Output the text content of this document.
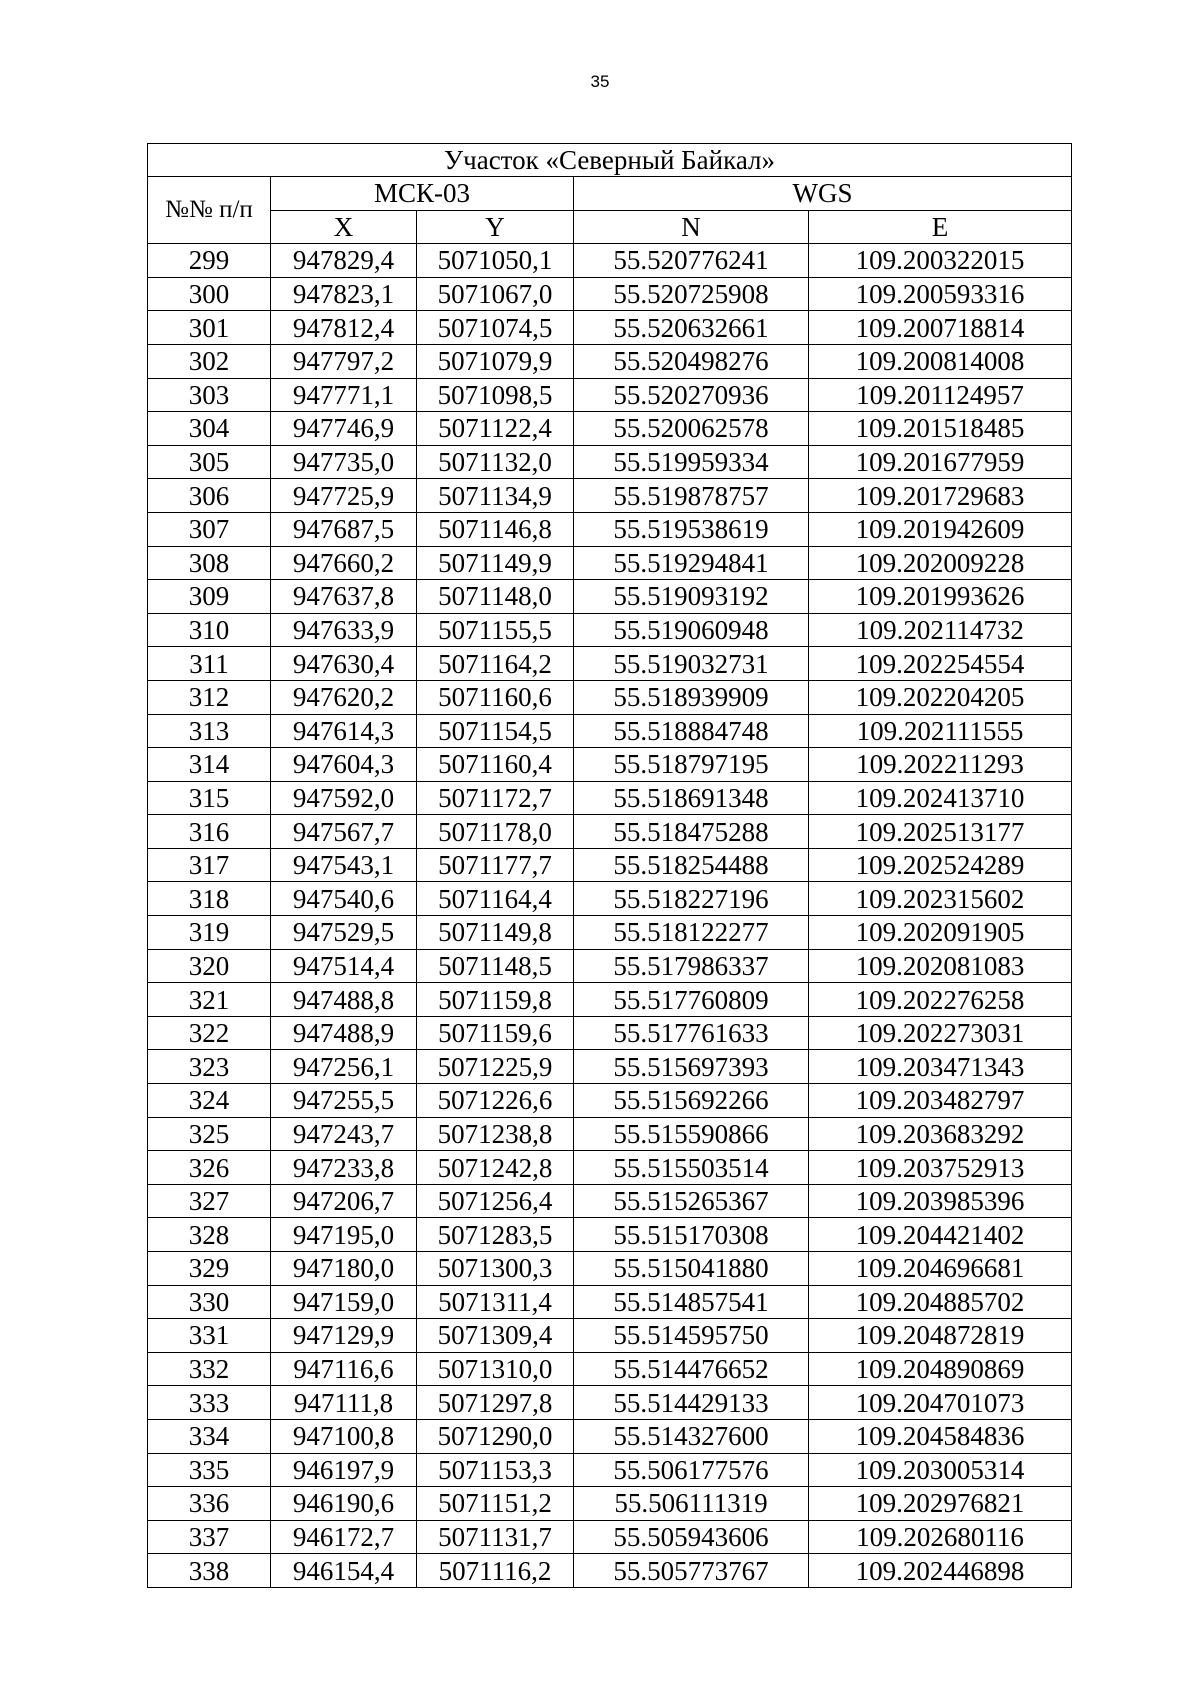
35
Участок «Северный Байкал»				
№№ п/п	МСК-03		WGS	
	X	Y	N	E
299	947829,4	5071050,1	55.520776241	109.200322015
300	947823,1	5071067,0	55.520725908	109.200593316
301	947812,4	5071074,5	55.520632661	109.200718814
302	947797,2	5071079,9	55.520498276	109.200814008
303	947771,1	5071098,5	55.520270936	109.201124957
304	947746,9	5071122,4	55.520062578	109.201518485
305	947735,0	5071132,0	55.519959334	109.201677959
306	947725,9	5071134,9	55.519878757	109.201729683
307	947687,5	5071146,8	55.519538619	109.201942609
308	947660,2	5071149,9	55.519294841	109.202009228
309	947637,8	5071148,0	55.519093192	109.201993626
310	947633,9	5071155,5	55.519060948	109.202114732
311	947630,4	5071164,2	55.519032731	109.202254554
312	947620,2	5071160,6	55.518939909	109.202204205
313	947614,3	5071154,5	55.518884748	109.202111555
314	947604,3	5071160,4	55.518797195	109.202211293
315	947592,0	5071172,7	55.518691348	109.202413710
316	947567,7	5071178,0	55.518475288	109.202513177
317	947543,1	5071177,7	55.518254488	109.202524289
318	947540,6	5071164,4	55.518227196	109.202315602
319	947529,5	5071149,8	55.518122277	109.202091905
320	947514,4	5071148,5	55.517986337	109.202081083
321	947488,8	5071159,8	55.517760809	109.202276258
322	947488,9	5071159,6	55.517761633	109.202273031
323	947256,1	5071225,9	55.515697393	109.203471343
324	947255,5	5071226,6	55.515692266	109.203482797
325	947243,7	5071238,8	55.515590866	109.203683292
326	947233,8	5071242,8	55.515503514	109.203752913
327	947206,7	5071256,4	55.515265367	109.203985396
328	947195,0	5071283,5	55.515170308	109.204421402
329	947180,0	5071300,3	55.515041880	109.204696681
330	947159,0	5071311,4	55.514857541	109.204885702
331	947129,9	5071309,4	55.514595750	109.204872819
332	947116,6	5071310,0	55.514476652	109.204890869
333	947111,8	5071297,8	55.514429133	109.204701073
334	947100,8	5071290,0	55.514327600	109.204584836
335	946197,9	5071153,3	55.506177576	109.203005314
336	946190,6	5071151,2	55.506111319	109.202976821
337	946172,7	5071131,7	55.505943606	109.202680116
338	946154,4	5071116,2	55.505773767	109.202446898
